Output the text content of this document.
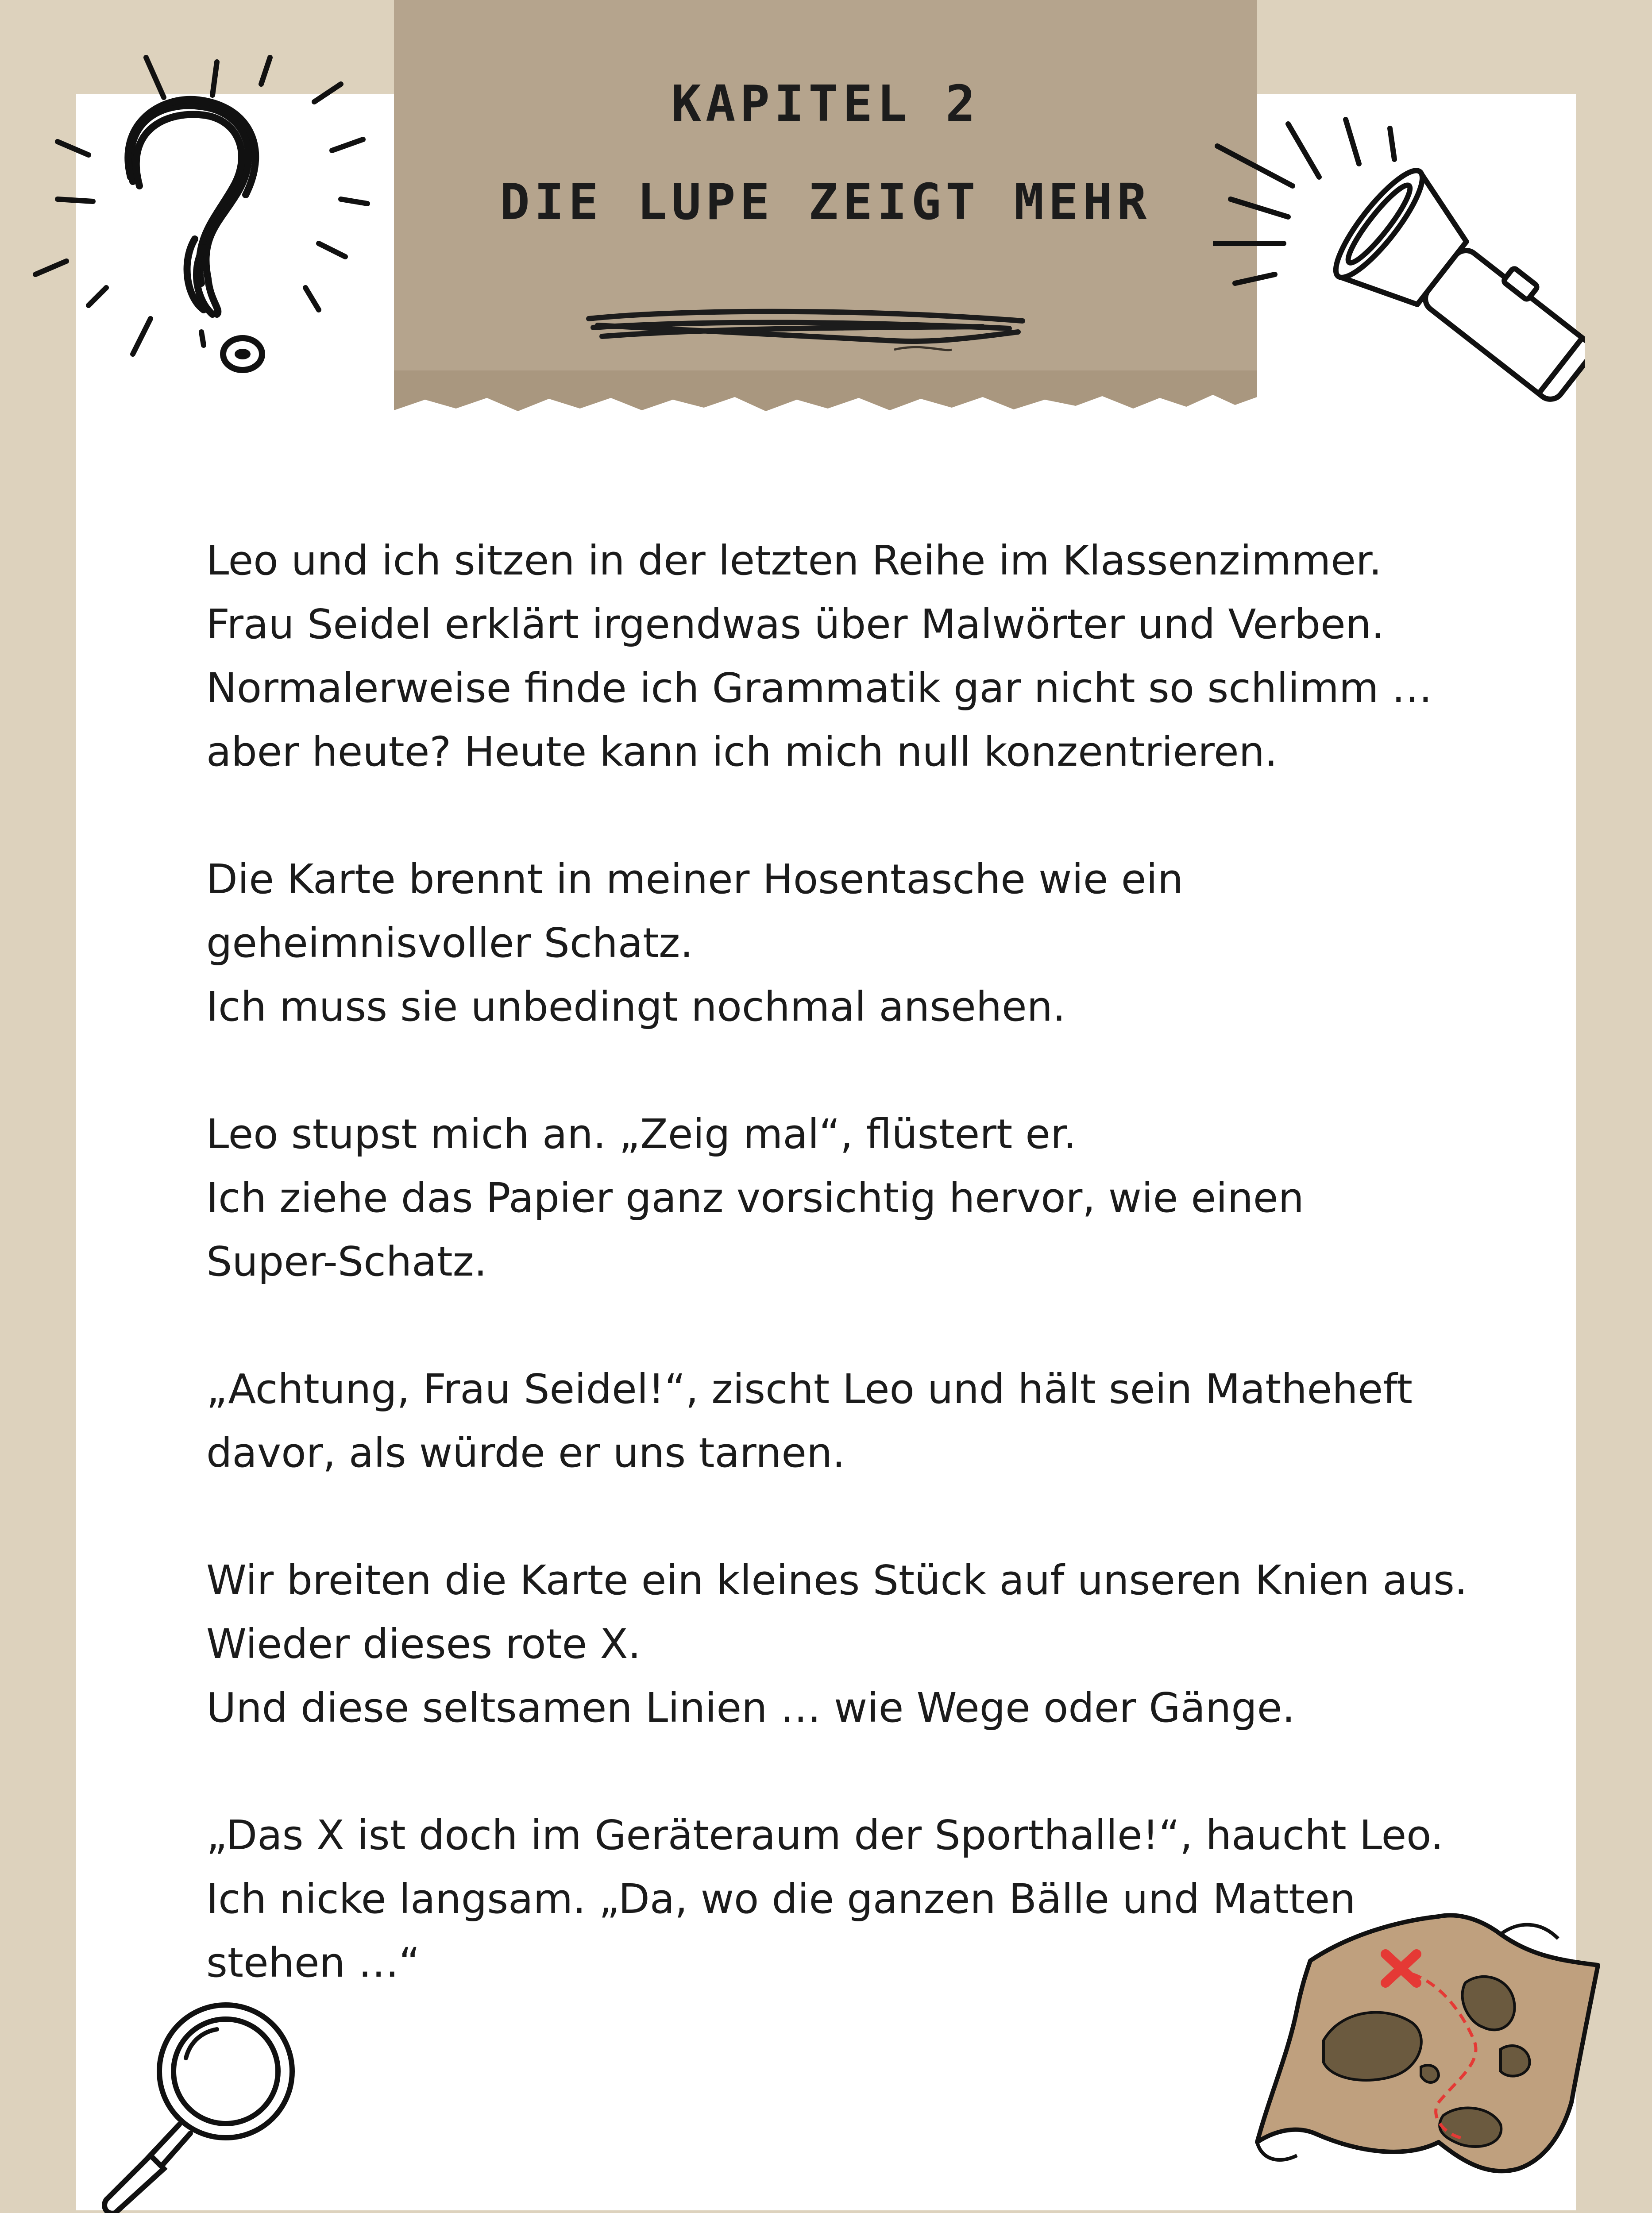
KAPITEL 2
DIE LUPE ZEIGT MEHR
Leo und ich sitzen in der letzten Reihe im Klassenzimmer.
Frau Seidel erklärt irgendwas über Malwörter und Verben.
Normalerweise finde ich Grammatik gar nicht so schlimm …
aber heute? Heute kann ich mich null konzentrieren.
Die Karte brennt in meiner Hosentasche wie ein
geheimnisvoller Schatz.
Ich muss sie unbedingt nochmal ansehen.
Leo stupst mich an. „Zeig mal“, flüstert er.
Ich ziehe das Papier ganz vorsichtig hervor, wie einen
Super-Schatz.
„Achtung, Frau Seidel!“, zischt Leo und hält sein Matheheft
davor, als würde er uns tarnen.
Wir breiten die Karte ein kleines Stück auf unseren Knien aus.
Wieder dieses rote X.
Und diese seltsamen Linien … wie Wege oder Gänge.
„Das X ist doch im Geräteraum der Sporthalle!“, haucht Leo.
Ich nicke langsam. „Da, wo die ganzen Bälle und Matten
stehen …“
